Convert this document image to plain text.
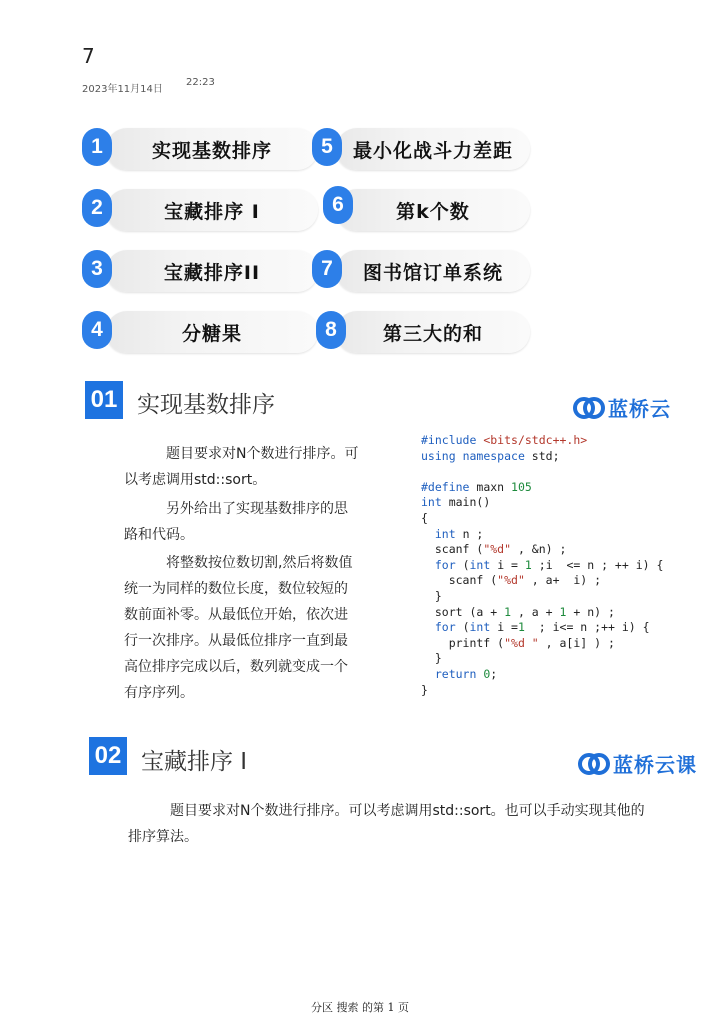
7
2023年11月14日
22:23
实现基数排序
1
宝藏排序 I
2
宝藏排序II
3
分糖果
4
最小化战斗力差距
5
第k个数
6
图书馆订单系统
7
第三大的和
8
01 实现基数排序	蓝桥云
题目要求对N个数进行排序。可
以考虑调用std::sort。
另外给出了实现基数排序的思
路和代码。
将整数按位数切割,然后将数值
统一为同样的数位长度，数位较短的
数前面补零。从最低位开始，依次进
行一次排序。从最低位排序一直到最
高位排序完成以后，数列就变成一个
有序序列。
#include <bits/stdc++.h>
using namespace std;

#define maxn 105
int main()
{
int n ;
scanf ("%d" , &n) ;
for (int i = 1 ;i  <= n ; ++ i) {
scanf ("%d" , a+  i) ;
}
sort (a + 1 , a + 1 + n) ;
for (int i =1  ; i<= n ;++ i) {
printf ("%d " , a[i] ) ;
}
return 0;
}
02 宝藏排序 I	蓝桥云课
题目要求对N个数进行排序。可以考虑调用std::sort。也可以手动实现其他的
排序算法。
分区 搜索 的第 1 页
